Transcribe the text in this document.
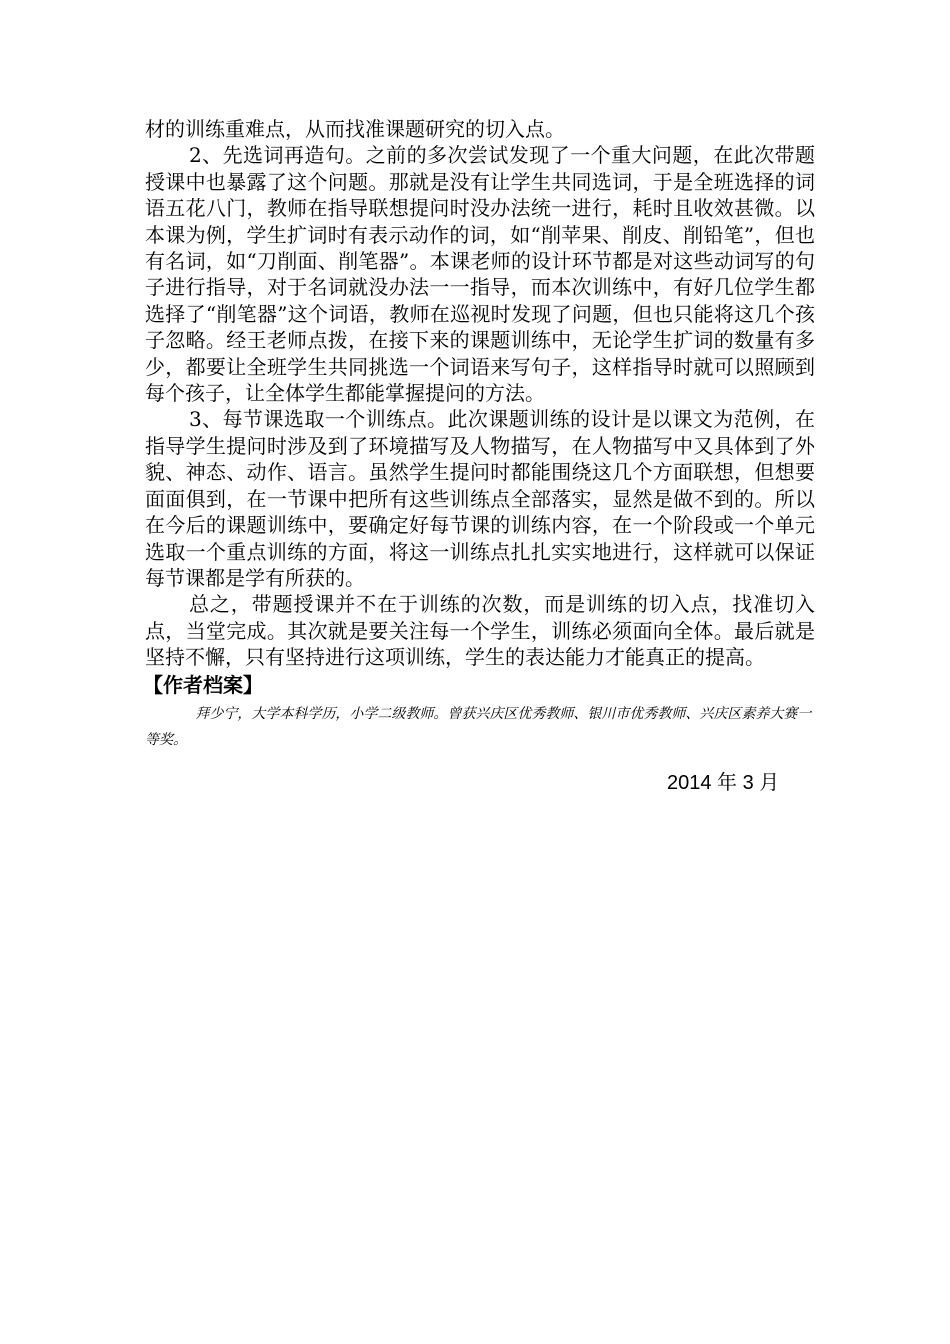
材的训练重难点，从而找准课题研究的切入点。

2、先选词再造句。之前的多次尝试发现了一个重大问题，在此次带题授课中也暴露了这个问题。那就是没有让学生共同选词，于是全班选择的词语五花八门，教师在指导联想提问时没办法统一进行，耗时且收效甚微。以本课为例，学生扩词时有表示动作的词，如“削苹果、削皮、削铅笔”，但也有名词，如“刀削面、削笔器”。本课老师的设计环节都是对这些动词写的句子进行指导，对于名词就没办法一一指导，而本次训练中，有好几位学生都选择了“削笔器”这个词语，教师在巡视时发现了问题，但也只能将这几个孩子忽略。经王老师点拨，在接下来的课题训练中，无论学生扩词的数量有多少，都要让全班学生共同挑选一个词语来写句子，这样指导时就可以照顾到每个孩子，让全体学生都能掌握提问的方法。

3、每节课选取一个训练点。此次课题训练的设计是以课文为范例，在指导学生提问时涉及到了环境描写及人物描写，在人物描写中又具体到了外貌、神态、动作、语言。虽然学生提问时都能围绕这几个方面联想，但想要面面俱到，在一节课中把所有这些训练点全部落实，显然是做不到的。所以在今后的课题训练中，要确定好每节课的训练内容，在一个阶段或一个单元选取一个重点训练的方面，将这一训练点扎扎实实地进行，这样就可以保证每节课都是学有所获的。

总之，带题授课并不在于训练的次数，而是训练的切入点，找准切入点，当堂完成。其次就是要关注每一个学生，训练必须面向全体。最后就是坚持不懈，只有坚持进行这项训练，学生的表达能力才能真正的提高。

【作者档案】

拜少宁，大学本科学历，小学二级教师。曾获兴庆区优秀教师、银川市优秀教师、兴庆区素养大赛一等奖。

2014 年 3 月
